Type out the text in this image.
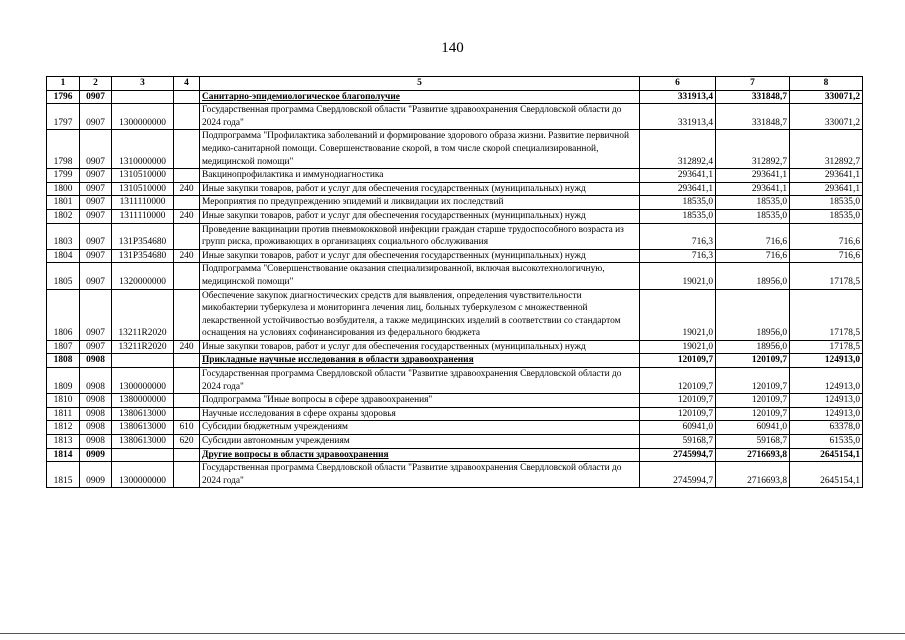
140
1	2	3	4	5	6	7	8
1796	0907			Санитарно-эпидемиологическое благополучие	331913,4	331848,7	330071,2
1797	0907	1300000000		Государственная программа Свердловской области "Развитие здравоохранения Свердловской области до 2024 года"	331913,4	331848,7	330071,2
1798	0907	1310000000		Подпрограмма "Профилактика заболеваний и формирование здорового образа жизни. Развитие первичной медико-санитарной помощи. Совершенствование скорой, в том числе скорой специализированной, медицинской помощи"	312892,4	312892,7	312892,7
1799	0907	1310510000		Вакцинопрофилактика и иммунодиагностика	293641,1	293641,1	293641,1
1800	0907	1310510000	240	Иные закупки товаров, работ и услуг для обеспечения государственных (муниципальных) нужд	293641,1	293641,1	293641,1
1801	0907	1311110000		Мероприятия по предупреждению эпидемий и ликвидации их последствий	18535,0	18535,0	18535,0
1802	0907	1311110000	240	Иные закупки товаров, работ и услуг для обеспечения государственных (муниципальных) нужд	18535,0	18535,0	18535,0
1803	0907	131P354680		Проведение вакцинации против пневмококковой инфекции граждан старше трудоспособного возраста из групп риска, проживающих в организациях социального обслуживания	716,3	716,6	716,6
1804	0907	131P354680	240	Иные закупки товаров, работ и услуг для обеспечения государственных (муниципальных) нужд	716,3	716,6	716,6
1805	0907	1320000000		Подпрограмма "Совершенствование оказания специализированной, включая высокотехнологичную, медицинской помощи"	19021,0	18956,0	17178,5
1806	0907	13211R2020		Обеспечение закупок диагностических средств для выявления, определения чувствительности микобактерии туберкулеза и мониторинга лечения лиц, больных туберкулезом с множественной лекарственной устойчивостью возбудителя, а также медицинских изделий в соответствии со стандартом оснащения на условиях софинансирования из федерального бюджета	19021,0	18956,0	17178,5
1807	0907	13211R2020	240	Иные закупки товаров, работ и услуг для обеспечения государственных (муниципальных) нужд	19021,0	18956,0	17178,5
1808	0908			Прикладные научные исследования в области здравоохранения	120109,7	120109,7	124913,0
1809	0908	1300000000		Государственная программа Свердловской области "Развитие здравоохранения Свердловской области до 2024 года"	120109,7	120109,7	124913,0
1810	0908	1380000000		Подпрограмма "Иные вопросы в сфере здравоохранения"	120109,7	120109,7	124913,0
1811	0908	1380613000		Научные исследования в сфере охраны здоровья	120109,7	120109,7	124913,0
1812	0908	1380613000	610	Субсидии бюджетным учреждениям	60941,0	60941,0	63378,0
1813	0908	1380613000	620	Субсидии автономным учреждениям	59168,7	59168,7	61535,0
1814	0909			Другие вопросы в области здравоохранения	2745994,7	2716693,8	2645154,1
1815	0909	1300000000		Государственная программа Свердловской области "Развитие здравоохранения Свердловской области до 2024 года"	2745994,7	2716693,8	2645154,1
